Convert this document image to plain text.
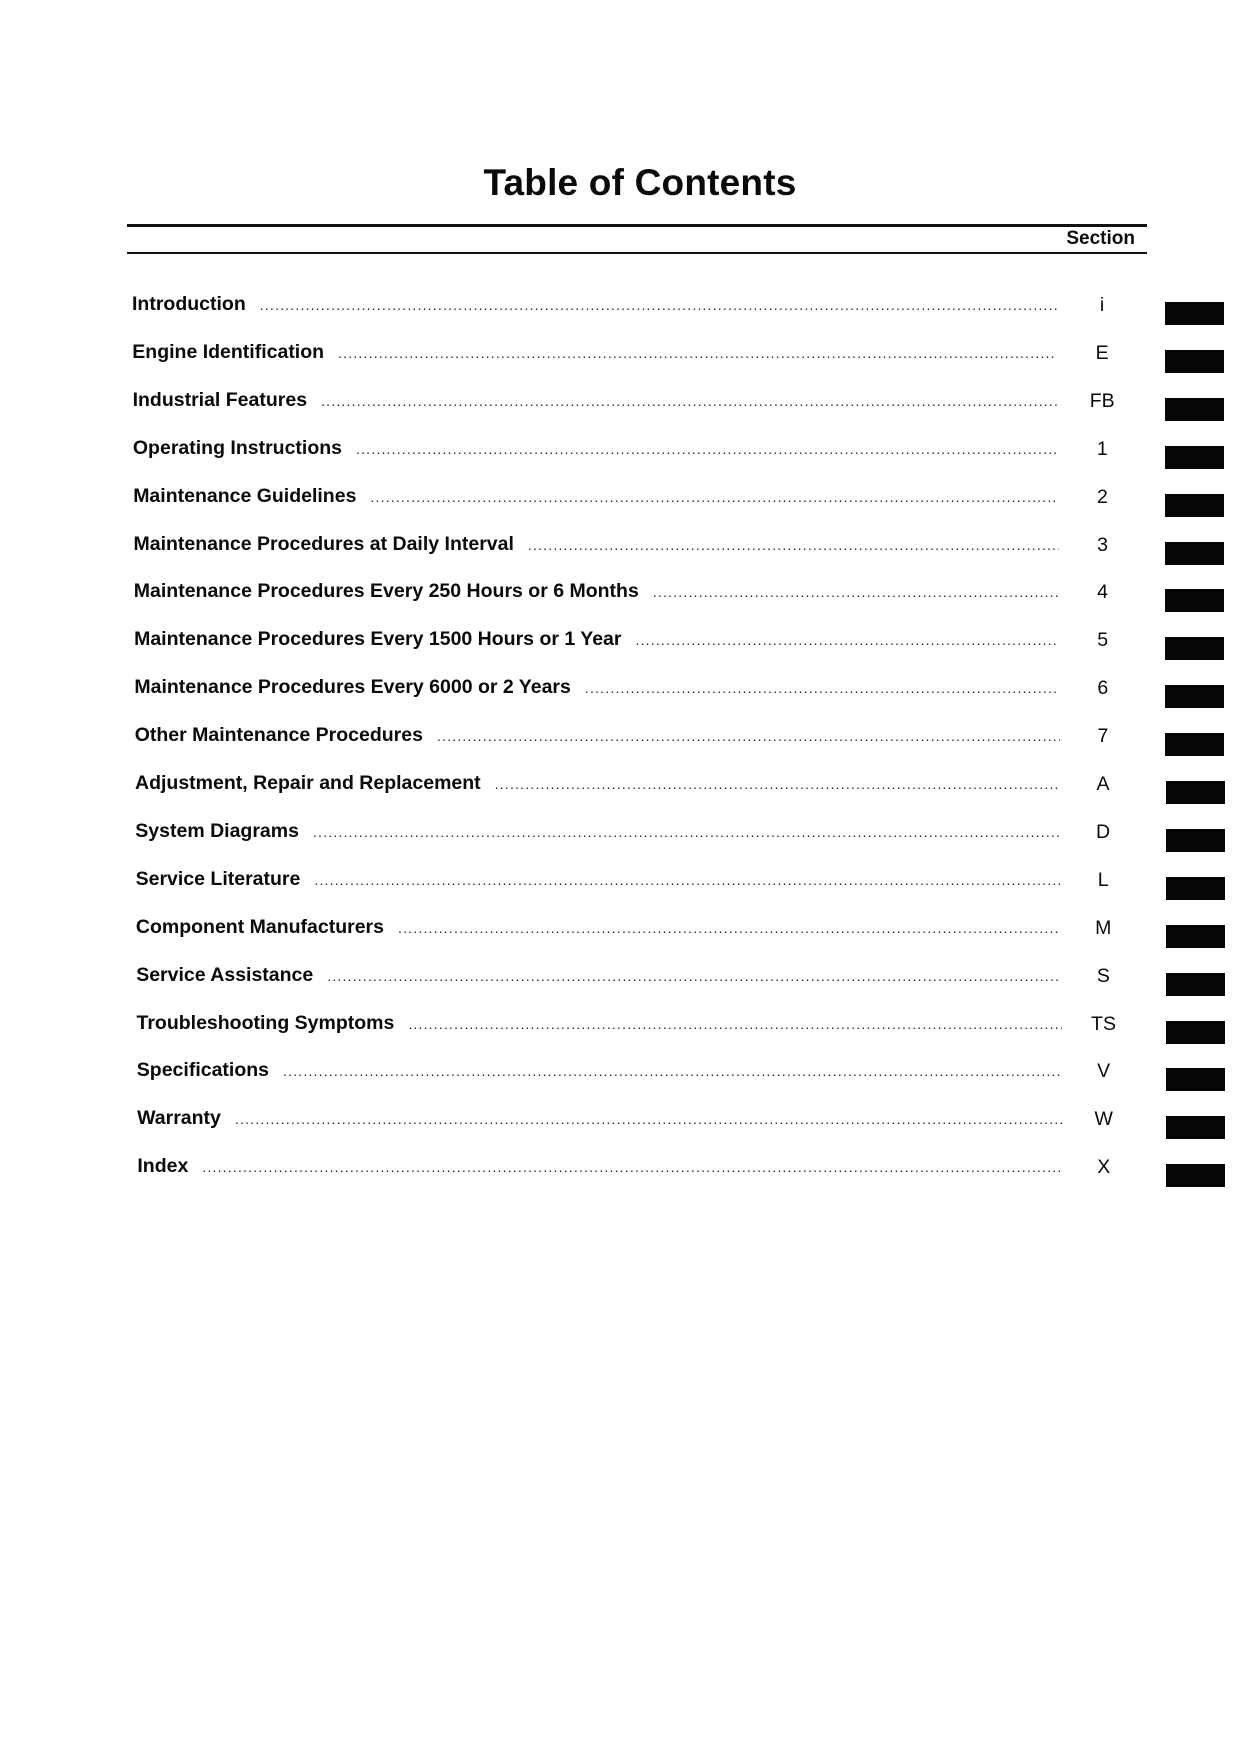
Table of Contents
Section
Introduction .....	i
Engine Identification .....	E
Industrial Features .....	FB
Operating Instructions .....	1
Maintenance Guidelines .....	2
Maintenance Procedures at Daily Interval .....	3
Maintenance Procedures Every 250 Hours or 6 Months .....	4
Maintenance Procedures Every 1500 Hours or 1 Year .....	5
Maintenance Procedures Every 6000 or 2 Years .....	6
Other Maintenance Procedures .....	7
Adjustment, Repair and Replacement .....	A
System Diagrams .....	D
Service Literature .....	L
Component Manufacturers .....	M
Service Assistance .....	S
Troubleshooting Symptoms .....	TS
Specifications .....	V
Warranty .....	W
Index .....	X
